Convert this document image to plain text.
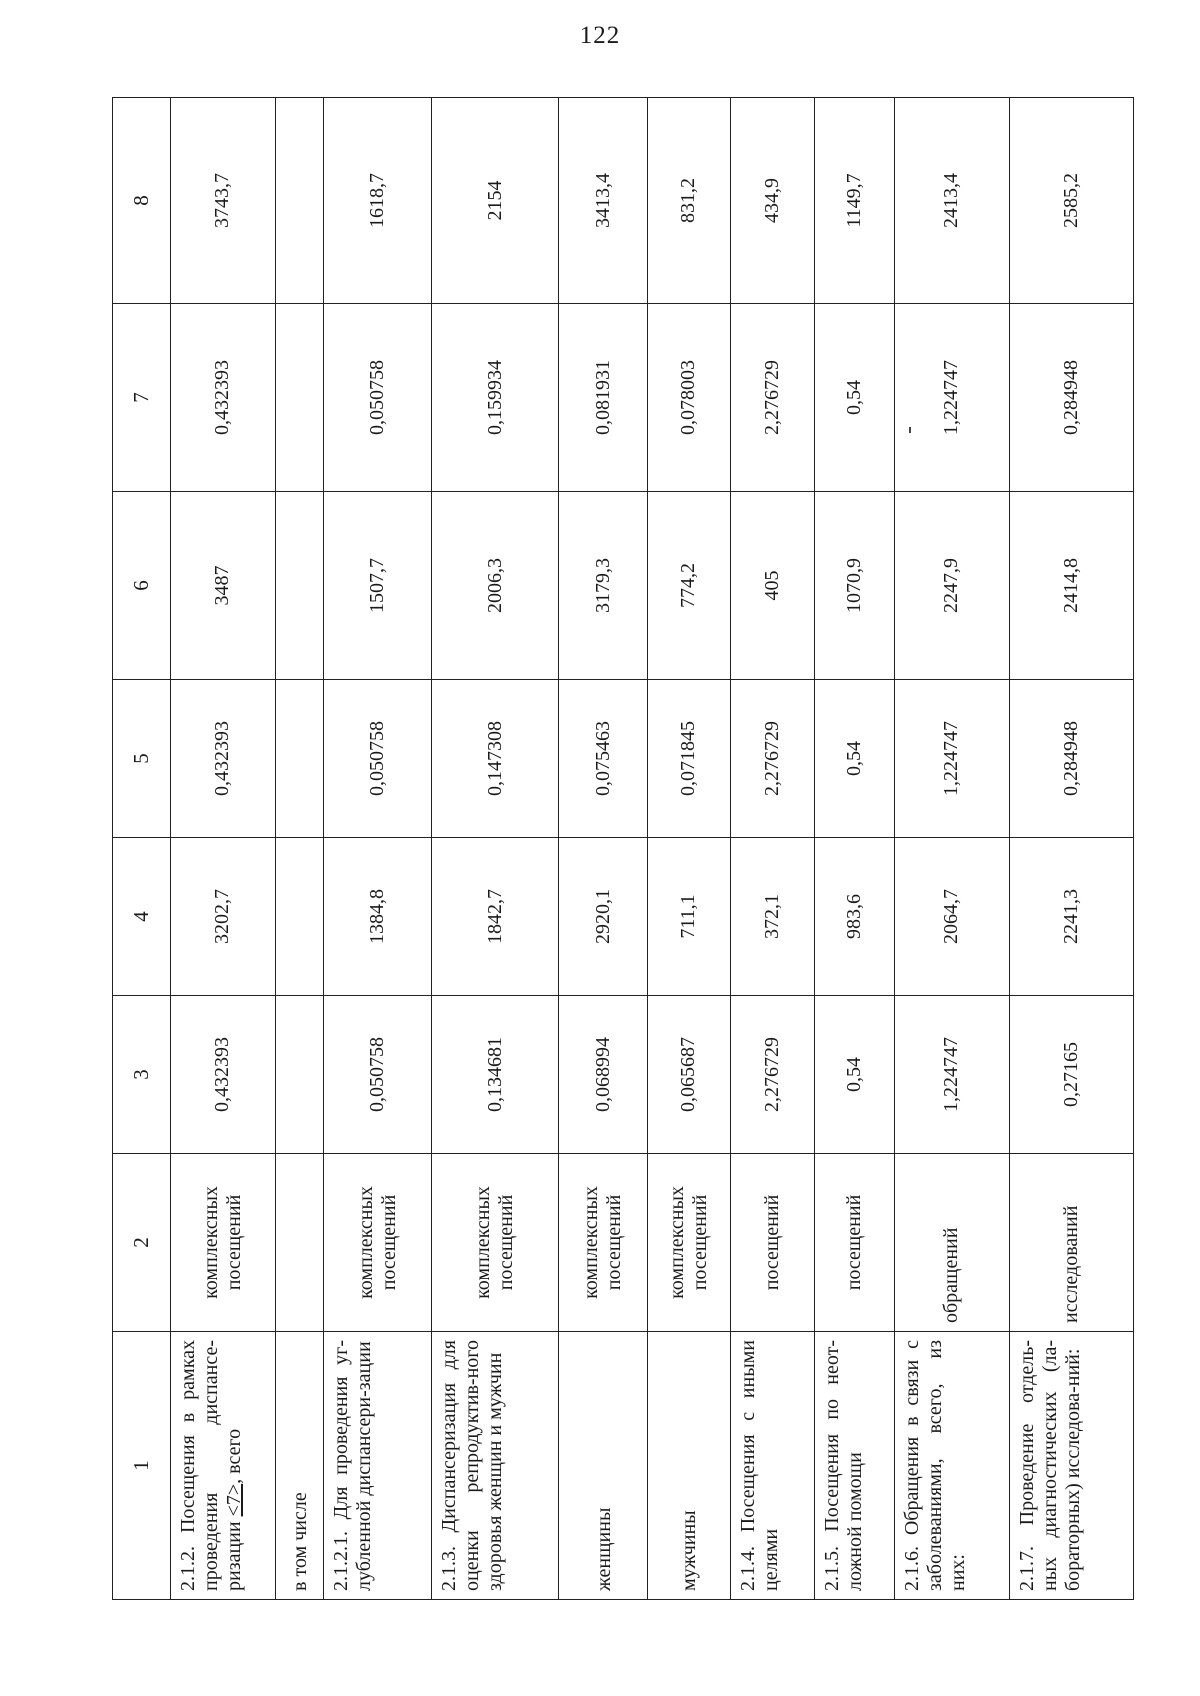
122
1	2	3	4	5	6	7	8
2.1.2. Посещения в рамках проведения диспансе-ризации <7>, всего	комплексных посещений	0,432393	3202,7	0,432393	3487	0,432393	3743,7
в том числе							
2.1.2.1. Для проведения уг-лубленной диспансери-зации	комплексных посещений	0,050758	1384,8	0,050758	1507,7	0,050758	1618,7
2.1.3. Диспансеризация для оценки репродуктив-ного здоровья женщин и мужчин	комплексных посещений	0,134681	1842,7	0,147308	2006,3	0,159934	2154
женщины	комплексных посещений	0,068994	2920,1	0,075463	3179,3	0,081931	3413,4
мужчины	комплексных посещений	0,065687	711,1	0,071845	774,2	0,078003	831,2
2.1.4. Посещения с иными целями	посещений	2,276729	372,1	2,276729	405	2,276729	434,9
2.1.5. Посещения по неот-ложной помощи	посещений	0,54	983,6	0,54	1070,9	0,54	1149,7
2.1.6. Обращения в связи с заболеваниями, всего, из них:	обращений	1,224747	2064,7	1,224747	2247,9	1,224747	2413,4
2.1.7. Проведение отдель-ных диагностических (ла-бораторных) исследова-ний:	исследований	0,27165	2241,3	0,284948	2414,8	0,284948	2585,2
